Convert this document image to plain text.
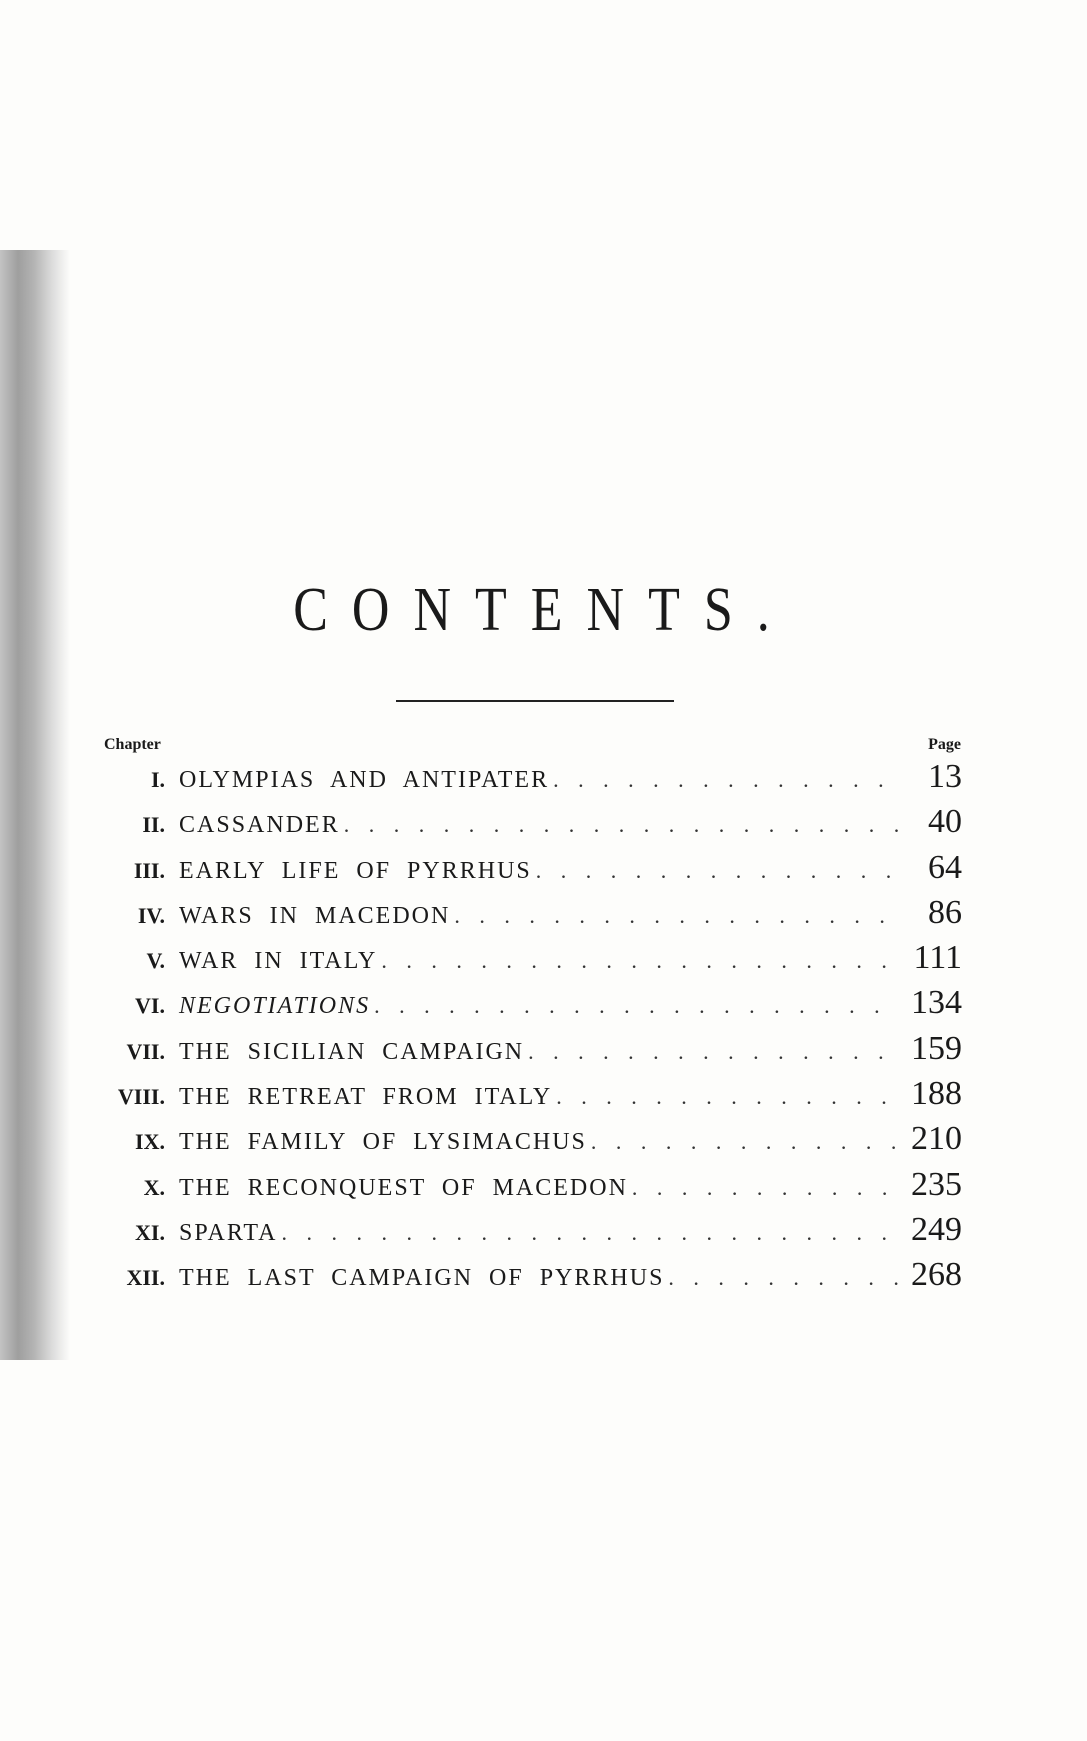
CONTENTS.
Chapter	Page
I. OLYMPIAS AND ANTIPATER . . .	13
II. CASSANDER . . .	40
III. EARLY LIFE OF PYRRHUS . . .	64
IV. WARS IN MACEDON . . .	86
V. WAR IN ITALY . . .	111
VI. NEGOTIATIONS . . .	134
VII. THE SICILIAN CAMPAIGN . . .	159
VIII. THE RETREAT FROM ITALY . . .	188
IX. THE FAMILY OF LYSIMACHUS . . .	210
X. THE RECONQUEST OF MACEDON . . .	235
XI. SPARTA . . .	249
XII. THE LAST CAMPAIGN OF PYRRHUS . . .	268
